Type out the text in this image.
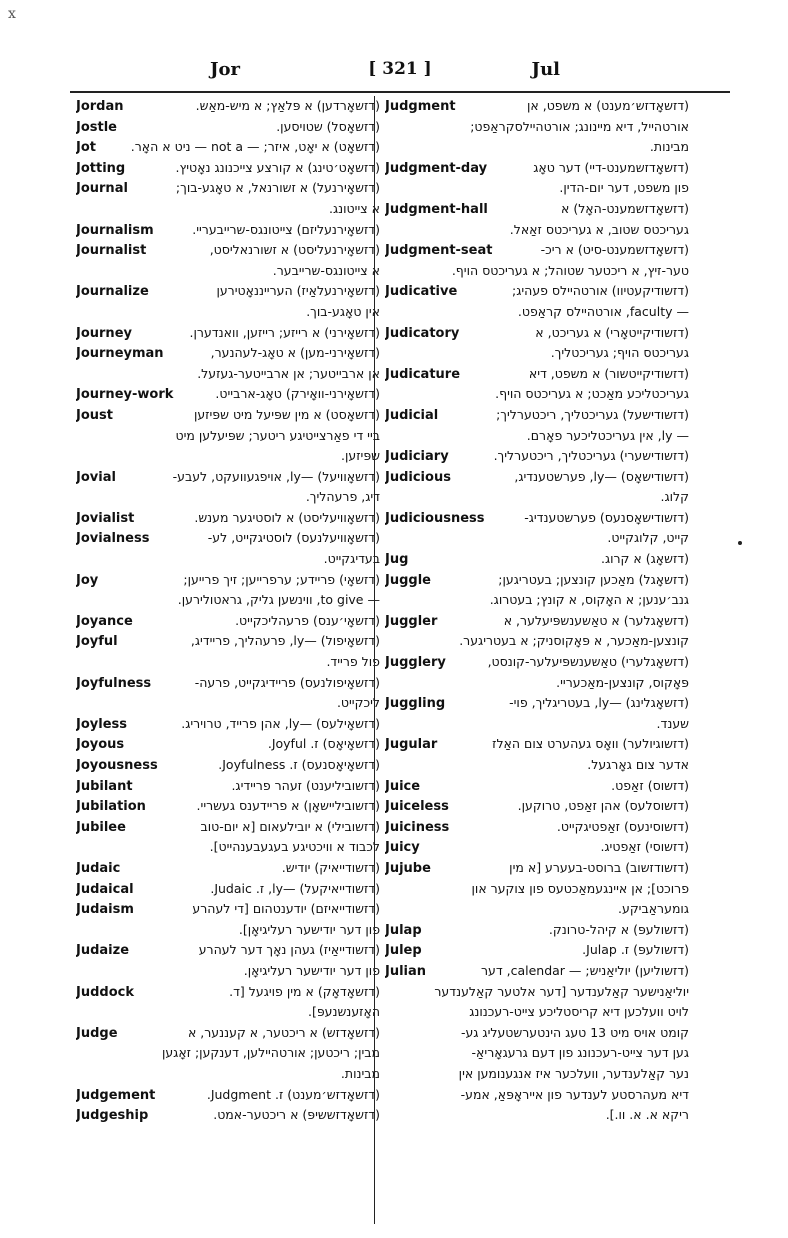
ⅹ
Jor	[ 321 ]	Jul
Jordan	(דזשאָרדען) א פּלאַץ; א מיש-מאַש.
Jostle	(דזשאָסל) שטויסען.
Jot	(דזשאָט) א יאָט, איזר; — not a — ניט א האָר.
Jotting	(דזשאָט׳טינג) א קורצע צייכנונג נאָטיץ.
Journal	(דזשאָירנעל) א זשורנאל, א טאָגע-בוך;
א צייטונג.
Journalism	(דזשאָירנעליזם) צייטונגס-שרייבעריי.
Journalist	(דזשאָירנעליסט) א זשורנאליסט,
א צייטונגס-שרייבער.
Journalize	(דזשאָירנעלאַיז) הערייננאָטירען
אין טאָגע-בוך.
Journey	(דזשאָירני) א רייזע; רייזען, וואנדערן.
Journeyman	(דזשאָירני-מען) א טאָג-לעהנער,
אן ארבייטער; אן ארבייטער-געזעל.
Journey-work	(דזשאָירני-וואָירק) טאָג-ארבייט.
Joust	(דזשאָסט) א מין שפּיעל מיט שפּיזען
ביי די פאַרצייטיגע ריטער; שפּיעלען מיט
שפּיזען.
Jovial	(דזשאָוויעל) —ly, אויפגעוועקט, לעבע-
דיג, פרעהליך.
Jovialist	(דזשאָוויעליסט) א לוסטיגער מענש.
Jovialness	(דזשאָוויעלנעס) לוסטיגקייט, לע-
בעדיגקייט.
Joy	(דזשאָי) פריידע; ערפרייען; זיך פרייען;
— to give, ווינשען גליק, גראטולירען.
Joyance	(דזשאָי׳ענס) פרעהליכקייט.
Joyful	(דזשאָיפול) —ly, פרעהליך, פריידיג,
פול פרייד.
Joyfulness	(דזשאָיפולנעס) פריידיגקייט, פרעה-
ליכקייט.
Joyless	(דזשאָילעס) —ly, אהן פרייד, טרויריג.
Joyous	(דזשאָיאָס) ז. Joyful.
Joyousness	(דזשאָיאָסנעס) ז. Joyfulness.
Jubilant	(דזשוביליענט) זעהר פריידיג.
Jubilation	(דזשוביליישאָן) א פריידענס געשריי.
Jubilee	(דזשובילי) א יובילעאום [א יום-טוב
לכבוד א וויכטיגע בעגעבענהייט].
Judaic	(דזשודייאיק) יודיש.
Judaical	(דזשודייאיקעל) —ly, ז. Judaic.
Judaism	(דזשודייאיזם) יודענטהום [די לעהרע
פון דער יודישער רעליגיאָן].
Judaize	(דזשודייאַיז) געהן נאָך דער לעהרע
פון דער יודישער רעליגיאָן.
Juddock	(דזשאָדאָק) א מין פויגעל [ד.
האָזענשנעפּ].
Judge	(דזשאָדזש) א ריכטער, א קעננער, א
מבין; ריכטען; אורטהיילען, דענקען; זאָגען
מבינות.
Judgement	(דזשאָדזש׳מענט) ז. Judgment.
Judgeship	(דזשאָדזששיפּ) א ריכטער-אמט.
Judgment	(דזשאָדזש׳מענט) א משפט, אן
אורטהייל, דיא מיינונג; אורטהיילסקראַפט;
מבינות.
Judgment-day	(דזשאָדזשמענט-דיי) דער טאָג
פון משפט, דער יום-הדין.
Judgment-hall	(דזשאָדזשמענט-האָל) א
געריכטס שטוב, א געריכטס זאַאל.
Judgment-seat	(דזשאָדזשמענט-סיט) א ריכ-
טער-זיץ, א ריכטער שטוהל; א געריכטס הויף.
Judicative	(דזשודיקעטיוו) אורטהיילס פעהיג;
— faculty, אורטהיילס קראַפט.
Judicatory	(דזשודיקייטאָרי) א געריכט, א
געריכטס הויף; געריכטליך.
Judicature	(דזשודיקייטשור) א משפט, דיא
געריכטליכע מאַכט; א געריכטס הויף.
Judicial	(דזשודישעל) געריכטליך, ריכטערליך;
— ly, אין געריכטליכער פאָרם.
Judiciary	(דזשודישערי) געריכטליך, ריכטערליך.
Judicious	(דזשודישאָס) —ly, פערשטענדיג,
קלוג.
Judiciousness	(דזשודישאָסנעס) פערשטענדיג-
קייט, קלוגקייט.
Jug	(דזשאָג) א קרוג.
Juggle	(דזשאָגל) מאַכען קונצען; בעטריגען;
גנב׳ענען; א האָקוס, א קונץ; בעטרוג.
Juggler	(דזשאָגלער) א טאַשענשפּיעלער, א
קונצען-מאַכער, א פּאָקוסניק; א בעטריגער.
Jugglery	(דזשאָגלערי) טאַשענשפּיעלער-קונסט,
פּאָקוס, קונצען-מאַכעריי.
Juggling	(דזשאָגלינג) —ly, בעטריגליך, פוי-
שענד.
Jugular	(דזשוגיולער) וואָס געהערט צום האַלז
אדער צום גאָרגעל.
Juice	(דזשוס) זאַפט.
Juiceless	(דזשוסלעס) אהן זאַפט, טרוקען.
Juiciness	(דזשוסינעס) זאַפטיגקייט.
Juicy	(דזשוסי) זאַפטיג.
Jujube	(דזשודזשוב) ברוסט-בעערע [א מין
פרוכט]; אן איינגעמאַכטעס פון צוקער און
גומעראַביקע.
Julap	(דזשולעפּ) א קיהל-טרונק.
Julep	(דזשולעפּ) ז. Julap.
Julian	(דזשוליען) יוליאַניש; — calendar, דער
יוליאַנישער קאַלענדער [דער אלטער קאַלענדער
לויט וועלכען דיא קריסטליכע צייט-רעכנונג
קומט אויס מיט 13 טעג הינטערשטעליג גע-
גען דער צייט-רעכנונג פון דעם גרעגאָריאַ-
נער קאַלענדער, וועלכער איז אנגענומען אין
דיא מעהרסטע לענדער פון אייראָפּאַ, אמע-
ריקא א. א. וו.].
